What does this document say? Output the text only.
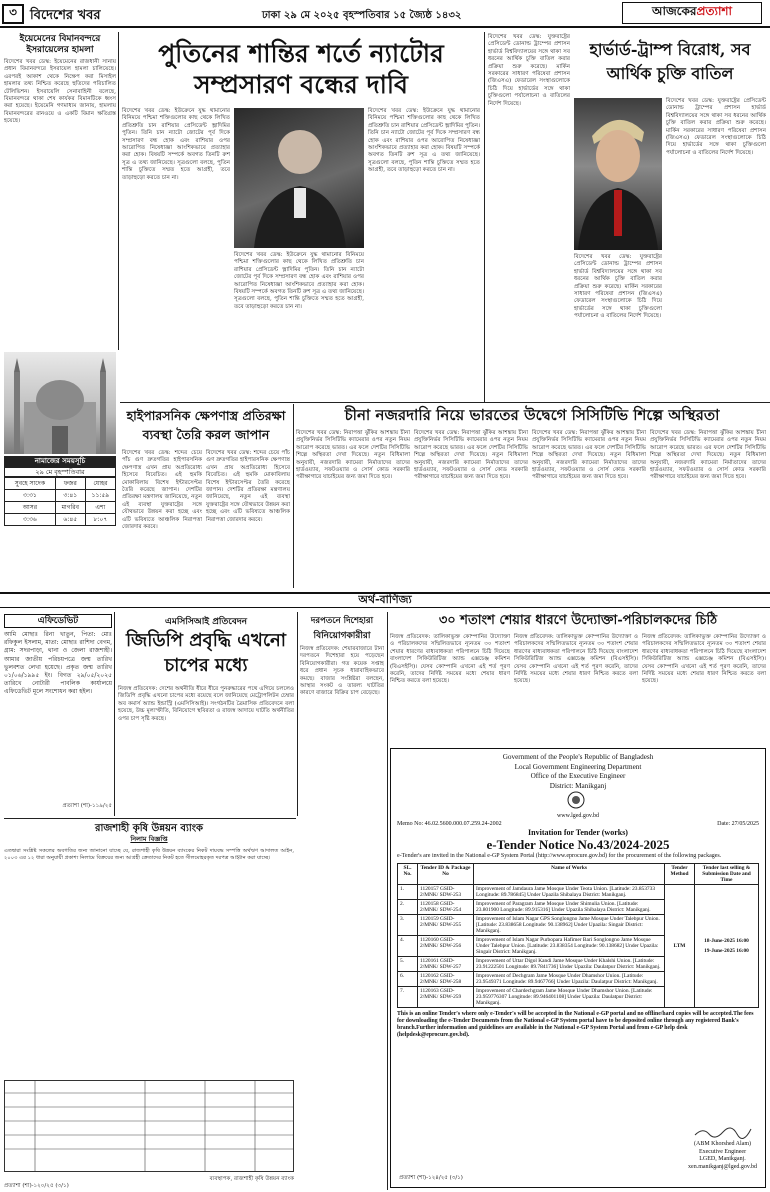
৩	বিদেশের খবর	ঢাকা ২৯ মে ২০২৫ বৃহস্পতিবার ১৫ জ্যৈষ্ঠ ১৪৩২	আজকের প্রত্যাশা
ইয়েমেনের বিমানবন্দরে ইসরায়েলের হামলা
বিদেশের খবর ডেস্ক: ইয়েমেনের রাজধানী সানায় প্রধান বিমানবন্দরে ইসরায়েল হামলা চালিয়েছে। এরপরই আকাশ থেকে নিক্ষেপ করা মিসাইল হামলার তথ্য নিশ্চিত করেছে হুতিদের পরিচালিত টেলিভিশন। ইসরায়েলি সেনাবাহিনী বলেছে, বিমানবন্দরে থাকা শেষ কার্যকর বিমানটিকে ধ্বংস করা হয়েছে। ইয়েমেনি গণমাধ্যম জানায়, হামলায় বিমানবন্দরের রানওয়ে ও একটি বিমান ক্ষতিগ্রস্ত হয়েছে।
নামাজের সময়সূচি
২৯ মে বৃহস্পতিবার
সুবহে সাদেক	ফজর	যোহর
৩:৩১	৩:৪১	১১:৫৯
আসর	মাগরিব	এশা
৩:৩৬	৬:৪৫	৮:০৭
পুতিনের শান্তির শর্তে ন্যাটোর সম্প্রসারণ বন্ধের দাবি
বিদেশের খবর ডেস্ক: ইউক্রেনে যুদ্ধ থামানোর বিনিময়ে পশ্চিমা শক্তিগুলোর কাছ থেকে লিখিত প্রতিশ্রুতি চান রাশিয়ার প্রেসিডেন্ট ভ্লাদিমির পুতিন। তিনি চান ন্যাটো জোটের পূর্ব দিকে সম্প্রসারণ বন্ধ হোক এবং রাশিয়ার ওপর আরোপিত নিষেধাজ্ঞা আংশিকভাবে প্রত্যাহার করা হোক। বিষয়টি সম্পর্কে অবগত তিনটি রুশ সূত্র এ তথ্য জানিয়েছে। সূত্রগুলো বলছে, পুতিন শান্তি চুক্তিতে সম্মত হতে আগ্রহী, তবে তাড়াহুড়ো করতে চান না।
বিদেশের খবর ডেস্ক: ইউক্রেনে যুদ্ধ থামানোর বিনিময়ে পশ্চিমা শক্তিগুলোর কাছ থেকে লিখিত প্রতিশ্রুতি চান রাশিয়ার প্রেসিডেন্ট ভ্লাদিমির পুতিন। তিনি চান ন্যাটো জোটের পূর্ব দিকে সম্প্রসারণ বন্ধ হোক এবং রাশিয়ার ওপর আরোপিত নিষেধাজ্ঞা আংশিকভাবে প্রত্যাহার করা হোক। বিষয়টি সম্পর্কে অবগত তিনটি রুশ সূত্র এ তথ্য জানিয়েছে। সূত্রগুলো বলছে, পুতিন শান্তি চুক্তিতে সম্মত হতে আগ্রহী, তবে তাড়াহুড়ো করতে চান না।
বিদেশের খবর ডেস্ক: ইউক্রেনে যুদ্ধ থামানোর বিনিময়ে পশ্চিমা শক্তিগুলোর কাছ থেকে লিখিত প্রতিশ্রুতি চান রাশিয়ার প্রেসিডেন্ট ভ্লাদিমির পুতিন। তিনি চান ন্যাটো জোটের পূর্ব দিকে সম্প্রসারণ বন্ধ হোক এবং রাশিয়ার ওপর আরোপিত নিষেধাজ্ঞা আংশিকভাবে প্রত্যাহার করা হোক। বিষয়টি সম্পর্কে অবগত তিনটি রুশ সূত্র এ তথ্য জানিয়েছে। সূত্রগুলো বলছে, পুতিন শান্তি চুক্তিতে সম্মত হতে আগ্রহী, তবে তাড়াহুড়ো করতে চান না।
বিদেশের খবর ডেস্ক: যুক্তরাষ্ট্রের প্রেসিডেন্ট ডোনাল্ড ট্রাম্পের প্রশাসন হার্ভার্ড বিশ্ববিদ্যালয়ের সঙ্গে থাকা সব ধরনের আর্থিক চুক্তি বাতিল করার প্রক্রিয়া শুরু করেছে। মার্কিন সরকারের সাধারণ পরিষেবা প্রশাসন (জিএসএ) ফেডারেল সংস্থাগুলোকে চিঠি দিয়ে হার্ভার্ডের সঙ্গে থাকা চুক্তিগুলো পর্যালোচনা ও বাতিলের নির্দেশ দিয়েছে।
হার্ভার্ড-ট্রাম্প বিরোধ, সব আর্থিক চুক্তি বাতিল
বিদেশের খবর ডেস্ক: যুক্তরাষ্ট্রের প্রেসিডেন্ট ডোনাল্ড ট্রাম্পের প্রশাসন হার্ভার্ড বিশ্ববিদ্যালয়ের সঙ্গে থাকা সব ধরনের আর্থিক চুক্তি বাতিল করার প্রক্রিয়া শুরু করেছে। মার্কিন সরকারের সাধারণ পরিষেবা প্রশাসন (জিএসএ) ফেডারেল সংস্থাগুলোকে চিঠি দিয়ে হার্ভার্ডের সঙ্গে থাকা চুক্তিগুলো পর্যালোচনা ও বাতিলের নির্দেশ দিয়েছে।
বিদেশের খবর ডেস্ক: যুক্তরাষ্ট্রের প্রেসিডেন্ট ডোনাল্ড ট্রাম্পের প্রশাসন হার্ভার্ড বিশ্ববিদ্যালয়ের সঙ্গে থাকা সব ধরনের আর্থিক চুক্তি বাতিল করার প্রক্রিয়া শুরু করেছে। মার্কিন সরকারের সাধারণ পরিষেবা প্রশাসন (জিএসএ) ফেডারেল সংস্থাগুলোকে চিঠি দিয়ে হার্ভার্ডের সঙ্গে থাকা চুক্তিগুলো পর্যালোচনা ও বাতিলের নির্দেশ দিয়েছে।
হাইপারসনিক ক্ষেপণাস্ত্র প্রতিরক্ষা ব্যবস্থা তৈরি করল জাপান
বিদেশের খবর ডেস্ক: শব্দের চেয়ে পাঁচ গুণ দ্রুতগতির হাইপারসনিক ক্ষেপণাস্ত্র এখন প্রায় অপ্রতিরোধ্য হিসেবে বিবেচিত। এই হুমকি মোকাবিলায় বিশেষ ইন্টারসেপ্টর তৈরি করেছে জাপান। দেশটির প্রতিরক্ষা মন্ত্রণালয় জানিয়েছে, নতুন এই ব্যবস্থা যুক্তরাষ্ট্রের সঙ্গে যৌথভাবে উন্নয়ন করা হচ্ছে এবং এটি ভবিষ্যতে আঞ্চলিক নিরাপত্তা জোরদার করবে।
বিদেশের খবর ডেস্ক: শব্দের চেয়ে পাঁচ গুণ দ্রুতগতির হাইপারসনিক ক্ষেপণাস্ত্র এখন প্রায় অপ্রতিরোধ্য হিসেবে বিবেচিত। এই হুমকি মোকাবিলায় বিশেষ ইন্টারসেপ্টর তৈরি করেছে জাপান। দেশটির প্রতিরক্ষা মন্ত্রণালয় জানিয়েছে, নতুন এই ব্যবস্থা যুক্তরাষ্ট্রের সঙ্গে যৌথভাবে উন্নয়ন করা হচ্ছে এবং এটি ভবিষ্যতে আঞ্চলিক নিরাপত্তা জোরদার করবে।
চীনা নজরদারি নিয়ে ভারতের উদ্বেগে সিসিটিভি শিল্পে অস্থিরতা
বিদেশের খবর ডেস্ক: নিরাপত্তা ঝুঁকির আশঙ্কায় চীনা প্রযুক্তিনির্ভর সিসিটিভি ক্যামেরার ওপর নতুন নিয়ম আরোপ করেছে ভারত। এর ফলে দেশটির সিসিটিভি শিল্পে অস্থিরতা দেখা দিয়েছে। নতুন বিধিমালা অনুযায়ী, নজরদারি ক্যামেরা নির্মাতাদের তাদের হার্ডওয়্যার, সফটওয়্যার ও সোর্স কোড সরকারি পরীক্ষাগারে যাচাইয়ের জন্য জমা দিতে হবে।
বিদেশের খবর ডেস্ক: নিরাপত্তা ঝুঁকির আশঙ্কায় চীনা প্রযুক্তিনির্ভর সিসিটিভি ক্যামেরার ওপর নতুন নিয়ম আরোপ করেছে ভারত। এর ফলে দেশটির সিসিটিভি শিল্পে অস্থিরতা দেখা দিয়েছে। নতুন বিধিমালা অনুযায়ী, নজরদারি ক্যামেরা নির্মাতাদের তাদের হার্ডওয়্যার, সফটওয়্যার ও সোর্স কোড সরকারি পরীক্ষাগারে যাচাইয়ের জন্য জমা দিতে হবে।
বিদেশের খবর ডেস্ক: নিরাপত্তা ঝুঁকির আশঙ্কায় চীনা প্রযুক্তিনির্ভর সিসিটিভি ক্যামেরার ওপর নতুন নিয়ম আরোপ করেছে ভারত। এর ফলে দেশটির সিসিটিভি শিল্পে অস্থিরতা দেখা দিয়েছে। নতুন বিধিমালা অনুযায়ী, নজরদারি ক্যামেরা নির্মাতাদের তাদের হার্ডওয়্যার, সফটওয়্যার ও সোর্স কোড সরকারি পরীক্ষাগারে যাচাইয়ের জন্য জমা দিতে হবে।
বিদেশের খবর ডেস্ক: নিরাপত্তা ঝুঁকির আশঙ্কায় চীনা প্রযুক্তিনির্ভর সিসিটিভি ক্যামেরার ওপর নতুন নিয়ম আরোপ করেছে ভারত। এর ফলে দেশটির সিসিটিভি শিল্পে অস্থিরতা দেখা দিয়েছে। নতুন বিধিমালা অনুযায়ী, নজরদারি ক্যামেরা নির্মাতাদের তাদের হার্ডওয়্যার, সফটওয়্যার ও সোর্স কোড সরকারি পরীক্ষাগারে যাচাইয়ের জন্য জমা দিতে হবে।
অর্থ-বাণিজ্য
এফিডেভিট
আমি মোছাঃ রিনা খাতুন, পিতা: মোঃ রফিকুল ইসলাম, মাতা: মোছাঃ রাশিদা বেগম, গ্রাম: সদরপাড়া, থানা ও জেলা রাজশাহী। আমার জাতীয় পরিচয়পত্রে জন্ম তারিখ ভুলবশত লেখা হয়েছে। প্রকৃত জন্ম তারিখ ০১/০৬/১৯৯৫ ইং। বিগত ২৯/০৫/২০২৫ তারিখে নোটারী পাবলিক কার্যালয়ে এফিডেভিট মূলে সংশোধন করা হইল।
প্রত্যাশা (শা)-১১৯/২৫
এমসিসিআই প্রতিবেদন
জিডিপি প্রবৃদ্ধি এখনো চাপের মধ্যে
নিজস্ব প্রতিবেদক: দেশের অর্থনীতি ধীরে ধীরে পুনরুদ্ধারের পথে এগিয়ে চললেও জিডিপি প্রবৃদ্ধি এখনো চাপের মধ্যে রয়েছে বলে জানিয়েছে মেট্রোপলিটন চেম্বার অব কমার্স অ্যান্ড ইন্ডাস্ট্রি (এমসিসিআই)। সংগঠনটির ত্রৈমাসিক প্রতিবেদনে বলা হয়েছে, উচ্চ মূল্যস্ফীতি, বিনিয়োগে স্থবিরতা ও রাজস্ব আদায়ে ঘাটতি অর্থনীতির ওপর চাপ সৃষ্টি করছে।
দরপতনে দিশেহারা
বিনিয়োগকারীরা
নিজস্ব প্রতিবেদক: শেয়ারবাজারে টানা দরপতনে দিশেহারা হয়ে পড়েছেন বিনিয়োগকারীরা। গত কয়েক সপ্তাহ ধরে প্রধান সূচক ধারাবাহিকভাবে কমছে। বাজার সংশ্লিষ্টরা বলছেন, আস্থার সংকট ও তারল্য ঘাটতির কারণে বাজারে বিক্রির চাপ বেড়েছে।
৩০ শতাংশ শেয়ার ধারণে উদ্যোক্তা-পরিচালকদের চিঠি
নিজস্ব প্রতিবেদক: তালিকাভুক্ত কোম্পানির উদ্যোক্তা ও পরিচালকদের সম্মিলিতভাবে ন্যূনতম ৩০ শতাংশ শেয়ার ধারণের বাধ্যবাধকতা পরিপালনে চিঠি দিয়েছে বাংলাদেশ সিকিউরিটিজ অ্যান্ড এক্সচেঞ্জ কমিশন (বিএসইসি)। যেসব কোম্পানি এখনো এই শর্ত পূরণ করেনি, তাদের নির্দিষ্ট সময়ের মধ্যে শেয়ার ধারণ নিশ্চিত করতে বলা হয়েছে।
নিজস্ব প্রতিবেদক: তালিকাভুক্ত কোম্পানির উদ্যোক্তা ও পরিচালকদের সম্মিলিতভাবে ন্যূনতম ৩০ শতাংশ শেয়ার ধারণের বাধ্যবাধকতা পরিপালনে চিঠি দিয়েছে বাংলাদেশ সিকিউরিটিজ অ্যান্ড এক্সচেঞ্জ কমিশন (বিএসইসি)। যেসব কোম্পানি এখনো এই শর্ত পূরণ করেনি, তাদের নির্দিষ্ট সময়ের মধ্যে শেয়ার ধারণ নিশ্চিত করতে বলা হয়েছে।
নিজস্ব প্রতিবেদক: তালিকাভুক্ত কোম্পানির উদ্যোক্তা ও পরিচালকদের সম্মিলিতভাবে ন্যূনতম ৩০ শতাংশ শেয়ার ধারণের বাধ্যবাধকতা পরিপালনে চিঠি দিয়েছে বাংলাদেশ সিকিউরিটিজ অ্যান্ড এক্সচেঞ্জ কমিশন (বিএসইসি)। যেসব কোম্পানি এখনো এই শর্ত পূরণ করেনি, তাদের নির্দিষ্ট সময়ের মধ্যে শেয়ার ধারণ নিশ্চিত করতে বলা হয়েছে।
রাজশাহী কৃষি উন্নয়ন ব্যাংক
নিলাম বিজ্ঞপ্তি
এতদ্বারা সংশ্লিষ্ট সকলের অবগতির জন্য জানানো যাচ্ছে যে, রাজশাহী কৃষি উন্নয়ন ব্যাংকের নিকট দায়বদ্ধ সম্পত্তি অর্থঋণ আদালত আইন, ২০০৩ এর ১২ ধারা অনুযায়ী প্রকাশ্য নিলামে বিক্রয়ের জন্য আগ্রহী ক্রেতাদের নিকট হতে সীলমোহরকৃত দরপত্র আহ্বান করা যাচ্ছে।
ব্যবস্থাপক, রাজশাহী কৃষি উন্নয়ন ব্যাংক
প্রত্যাশা (শা)-১২০/২৫ (৩/১)
Government of the People's Republic of Bangladesh
Local Government Engineering Department
Office of the Executive Engineer
District: Manikganj
www.lged.gov.bd
Memo No: 46.02.5600.000.07.259.24-2002	Date: 27/05/2025
Invitation for Tender (works)
e-Tender Notice No.43/2024-2025
e-Tender's are invited in the National e-GP System Portal (http://www.eprocure.gov.bd) for the procurement of the following packages.
SL. No.	Tender ID & Package No	Name of Works	Tender Method	Tender last selling & Submission Date and Time
1.	1120157 GSID-2/MNK/ SDW-253	Improvement of Jamdaura Jame Mosque Under Teota Union. [Latitude: 23.853733 Longitude: 89.786845] Under Upazila Shibalaya District: Manikganj.	LTM	18-June-2025 16:00
19-June-2025 16:00

2.	1120158 GSID-2/MNK/ SDW-254	Improvement of Paragram Jame Mosque Under Shimulia Union. [Latitude: 23.801900 Longitude: 89.915316] Under Upazila Shibalaya District: Manikganj.		
3.	1120159 GSID-2/MNK/ SDW-255	Improvement of Islam Nagar GPS Songlongno Jame Mosque Under Talebpur Union. [Latitude: 23.838658 Longitude: 90.138962] Under Upazila: Singair District: Manikganj.		
4.	1120160 GSID-2/MNK/ SDW-256	Improvement of Islam Nagar Purbopara Hafimer Bari Songlongno Jame Mosque Under Talebpur Union. [Latitude: 23.838354 Longitude: 90.138682] Under Upazila: Singair District: Manikganj.		
5.	1120161 GSID-2/MNK/ SDW-257	Improvement of Uttar Digol Kandi Jame Mosque Under Khalshi Union. [Latitude: 23.91222501 Longitude: 89.7841736] Under Upazila: Daulatpur District: Manikganj.		
6.	1120162 GSID-2/MNK/ SDW-258	Improvement of Dechgram Jame Mosque Under Dhamshor Union. [Latitude: 23.9549371 Longitude: 89.9467766] Under Upazila: Daulatpur District: Manikganj.		
7.	1120163 GSID-2/MNK/ SDW-259	Improvement of Chardechgram Jame Mosque Under Dhamshor Union. [Latitude: 23.959776307 Longitude: 89.946401108] Under Upazila: Daulatpur District: Manikganj.		
This is an online Tender's where only e-Tender's will be accepted in the National e-GP portal and no offline/hard copies will be accepted.The fees for downloading the e-Tender Documents from the National e-GP System portal have to be deposited online through any registered Bank's branch.Further information and guidelines are available in the National e-GP System Portal and from e-GP help desk (helpdesk@eprocure.gov.bd).
(ABM Khorshed Alam)
Executive Engineer
LGED, Manikganj.
xen.manikganj@lged.gov.bd
প্রত্যাশা (শা)-১২৪/২৫ (৩/১)
